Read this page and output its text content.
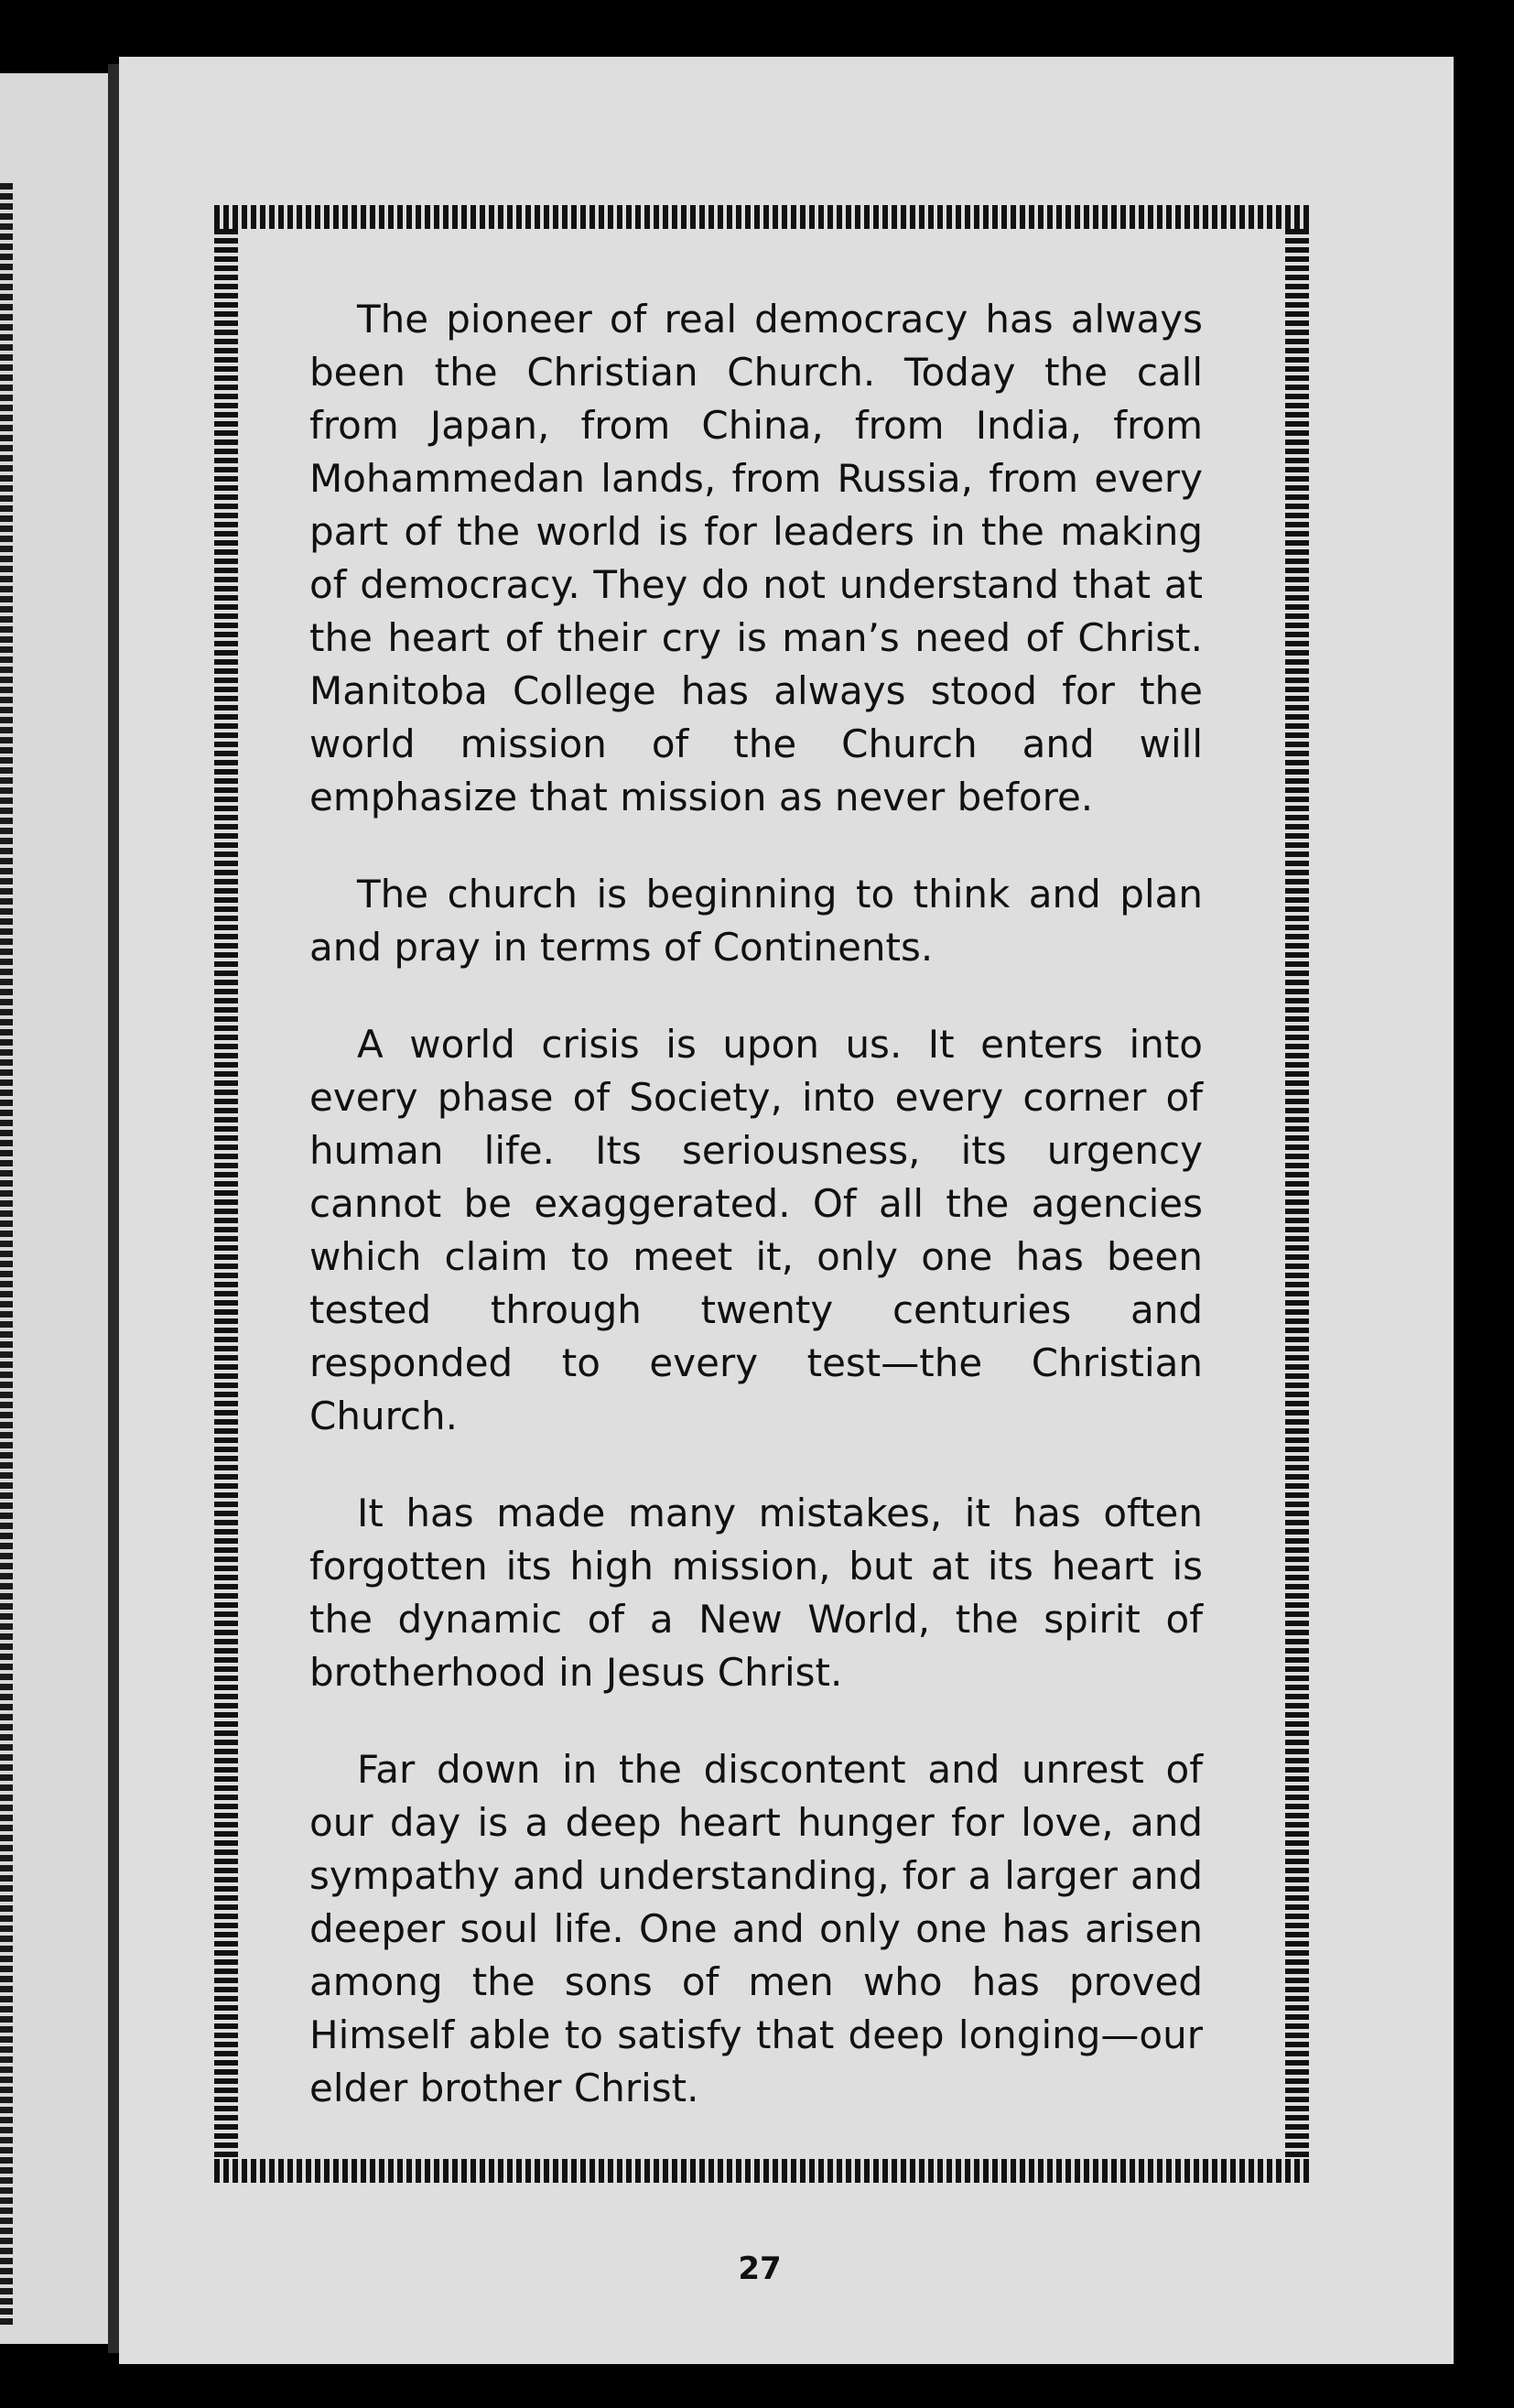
The pioneer of real democracy has always been the Christian Church. Today the call from Japan, from China, from India, from Mohammedan lands, from Russia, from every part of the world is for leaders in the making of democracy. They do not understand that at the heart of their cry is man’s need of Christ. Manitoba College has always stood for the world mission of the Church and will emphasize that mission as never before.

The church is beginning to think and plan and pray in terms of Continents.

A world crisis is upon us. It enters into every phase of Society, into every corner of human life. Its seriousness, its urgency cannot be exaggerated. Of all the agencies which claim to meet it, only one has been tested through twenty centuries and responded to every test—the Christian Church.

It has made many mistakes, it has often forgotten its high mission, but at its heart is the dynamic of a New World, the spirit of brotherhood in Jesus Christ.

Far down in the discontent and unrest of our day is a deep heart hunger for love, and sympathy and understanding, for a larger and deeper soul life. One and only one has arisen among the sons of men who has proved Himself able to satisfy that deep longing—our elder brother Christ.

27
